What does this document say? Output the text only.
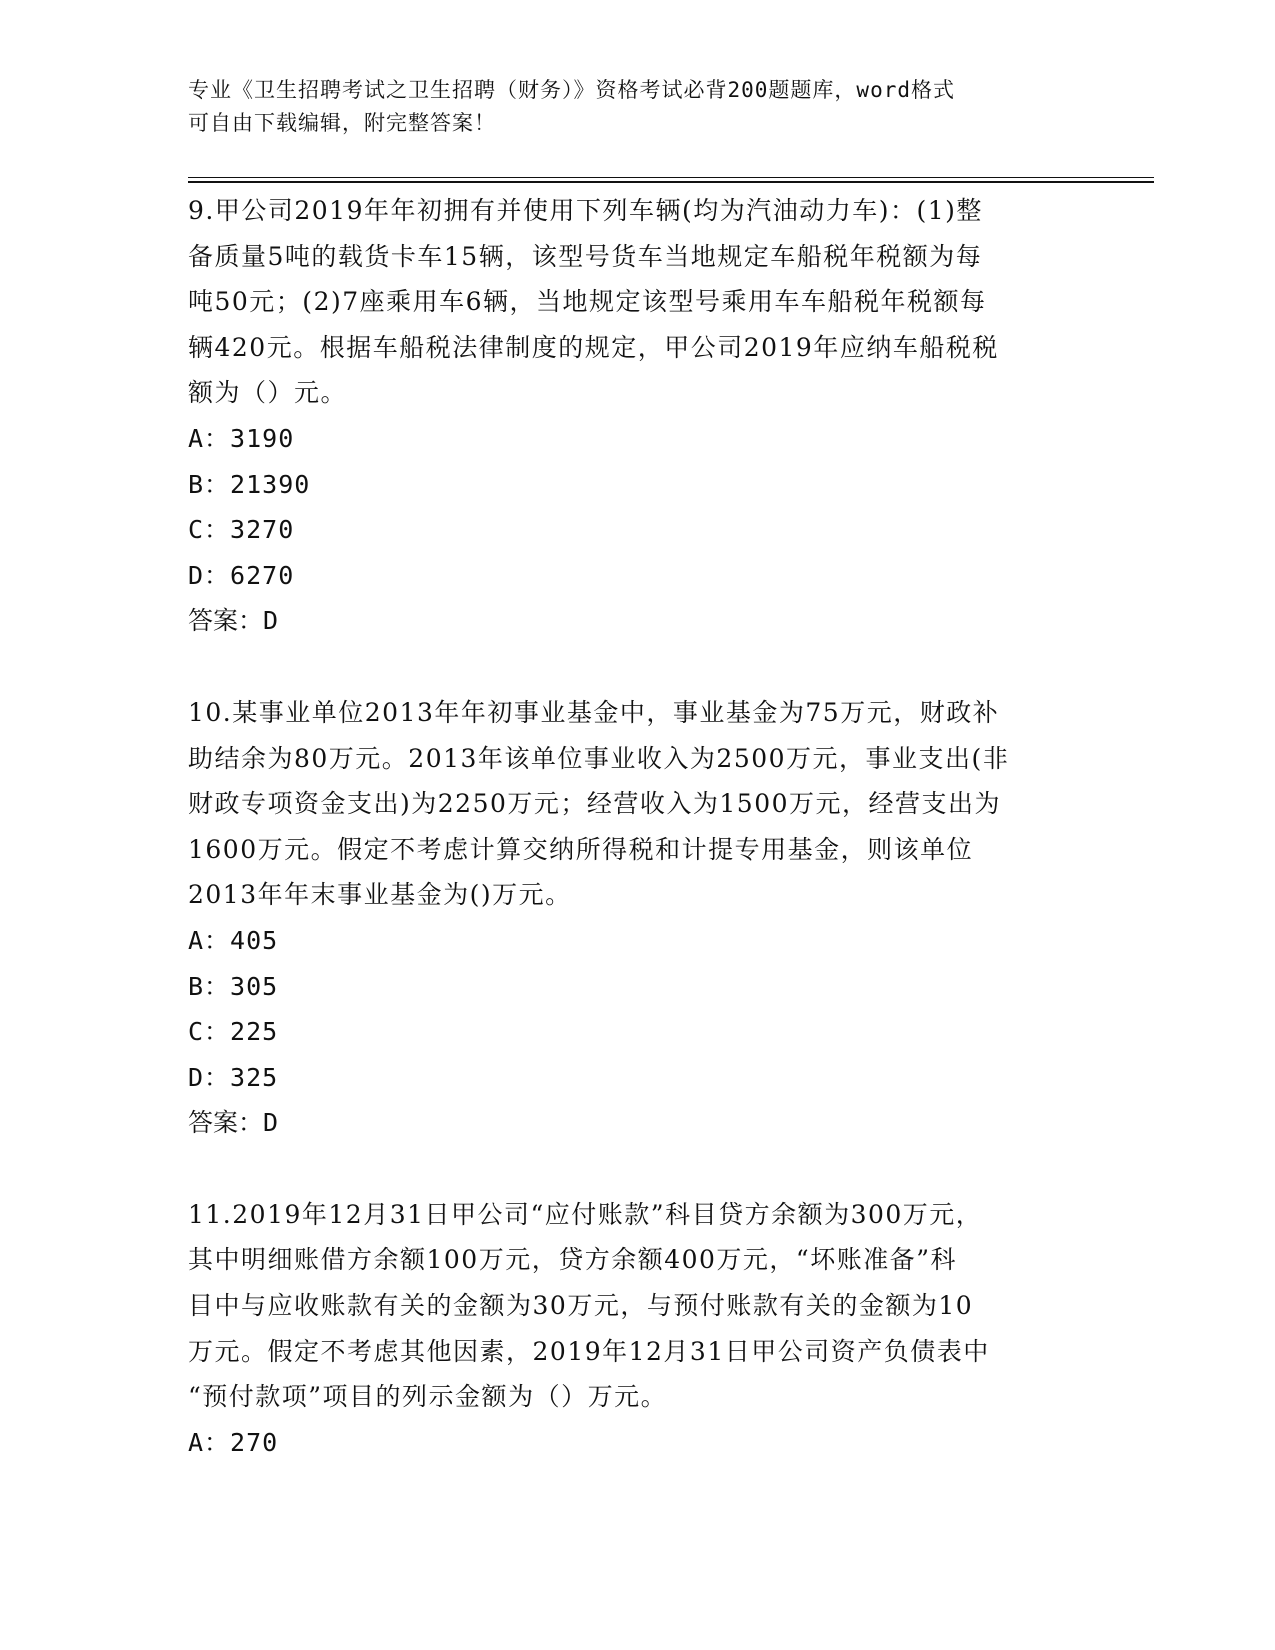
专业《卫生招聘考试之卫生招聘（财务）》资格考试必背200题题库，word格式
可自由下载编辑，附完整答案！

9.甲公司2019年年初拥有并使用下列车辆(均为汽油动力车)：(1)整

备质量5吨的载货卡车15辆，该型号货车当地规定车船税年税额为每

吨50元；(2)7座乘用车6辆，当地规定该型号乘用车车船税年税额每

辆420元。根据车船税法律制度的规定，甲公司2019年应纳车船税税

额为（）元。

A：3190

B：21390

C：3270

D：6270

答案：D

10.某事业单位2013年年初事业基金中，事业基金为75万元，财政补

助结余为80万元。2013年该单位事业收入为2500万元，事业支出(非

财政专项资金支出)为2250万元；经营收入为1500万元，经营支出为

1600万元。假定不考虑计算交纳所得税和计提专用基金，则该单位

2013年年末事业基金为()万元。

A：405

B：305

C：225

D：325

答案：D

11.2019年12月31日甲公司“应付账款”科目贷方余额为300万元，

其中明细账借方余额100万元，贷方余额400万元，“坏账准备”科

目中与应收账款有关的金额为30万元，与预付账款有关的金额为10

万元。假定不考虑其他因素，2019年12月31日甲公司资产负债表中

“预付款项”项目的列示金额为（）万元。

A：270
